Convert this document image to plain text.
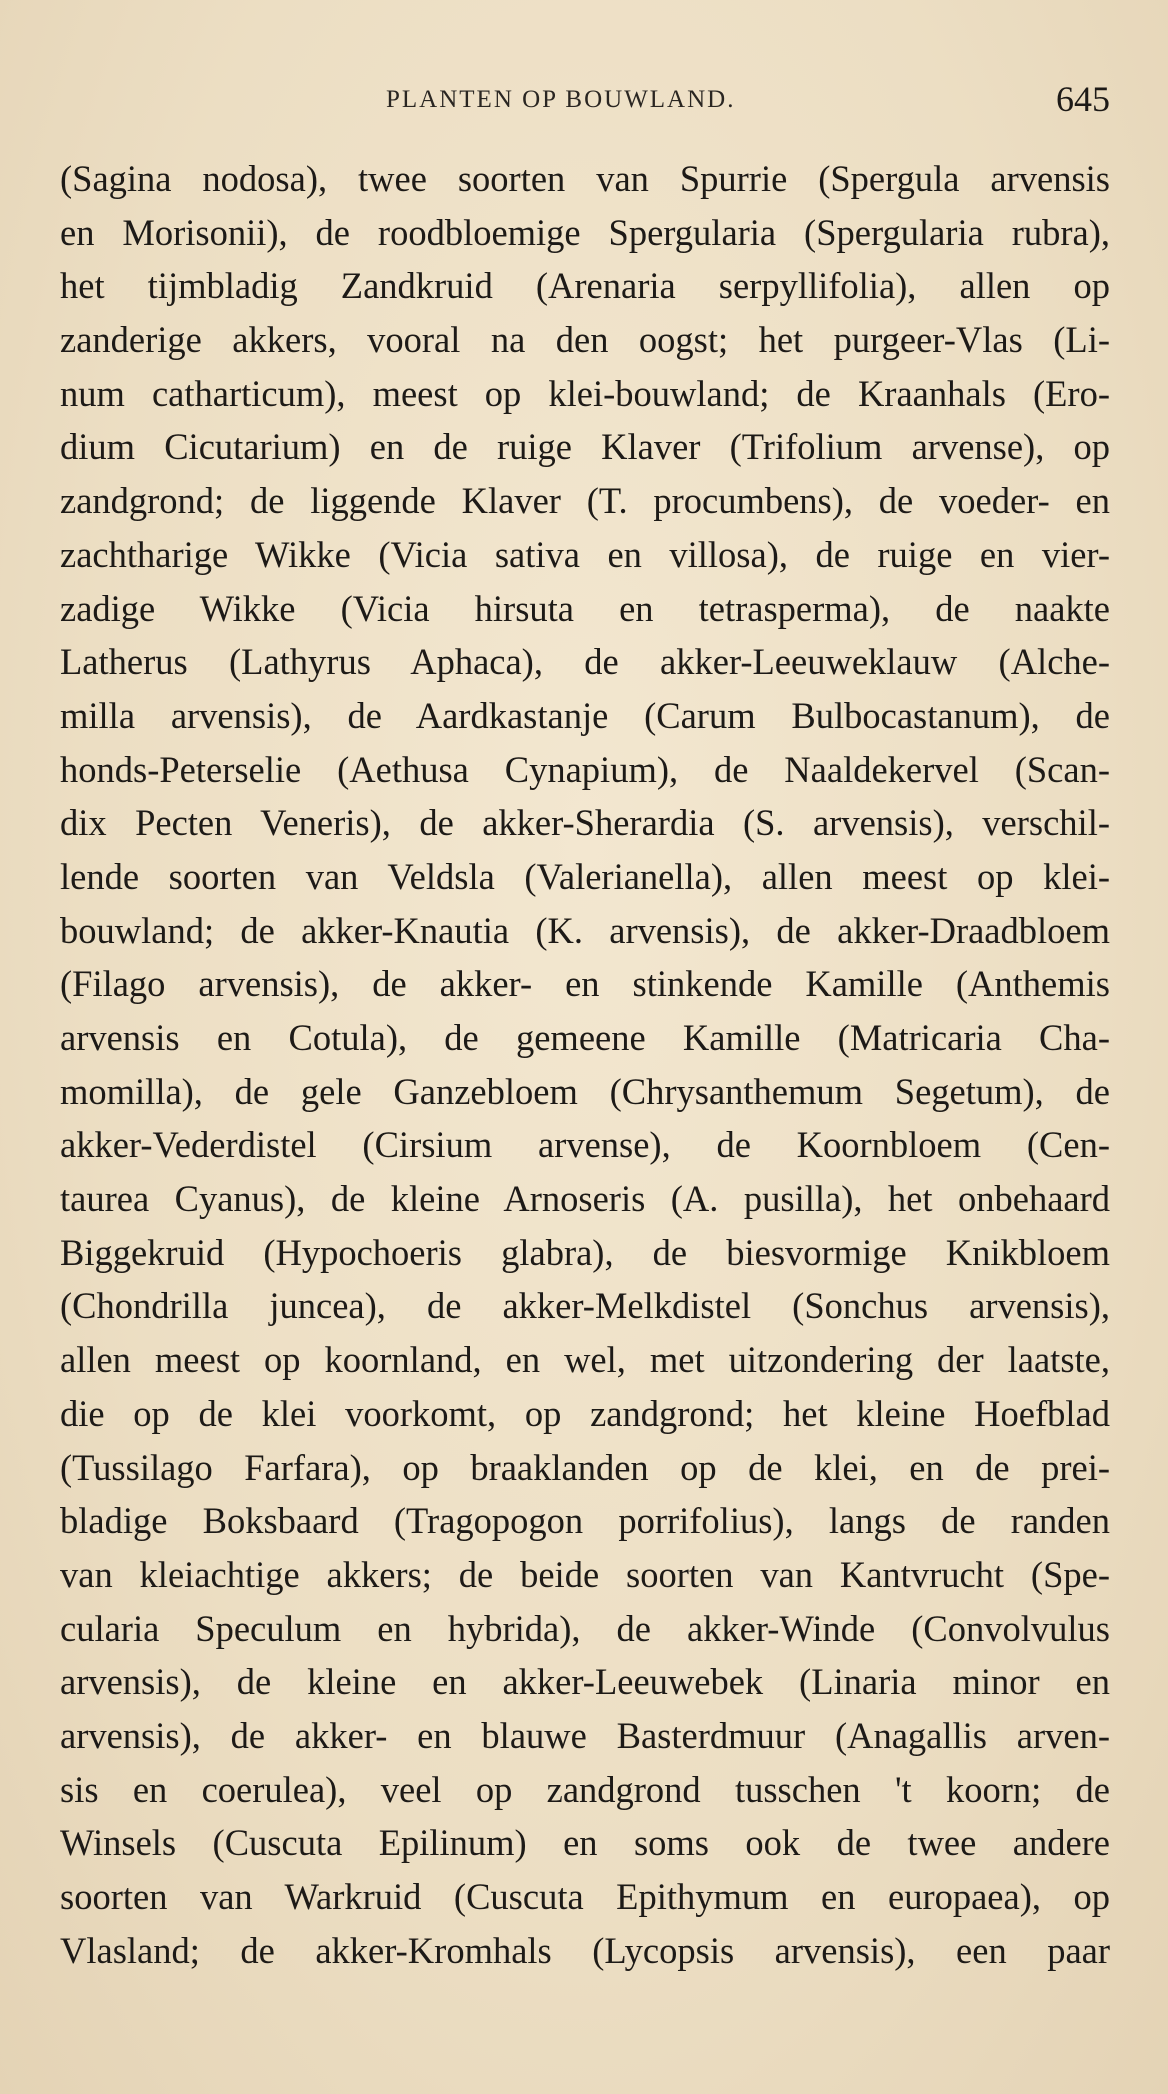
PLANTEN OP BOUWLAND.	645
(Sagina nodosa), twee soorten van Spurrie (Spergula arvensis
en Morisonii), de roodbloemige Spergularia (Spergularia rubra),
het tijmbladig Zandkruid (Arenaria serpyllifolia), allen op
zanderige akkers, vooral na den oogst; het purgeer-Vlas (Li-
num catharticum), meest op klei-bouwland; de Kraanhals (Ero-
dium Cicutarium) en de ruige Klaver (Trifolium arvense), op
zandgrond; de liggende Klaver (T. procumbens), de voeder- en
zachtharige Wikke (Vicia sativa en villosa), de ruige en vier-
zadige Wikke (Vicia hirsuta en tetrasperma), de naakte
Latherus (Lathyrus Aphaca), de akker-Leeuweklauw (Alche-
milla arvensis), de Aardkastanje (Carum Bulbocastanum), de
honds-Peterselie (Aethusa Cynapium), de Naaldekervel (Scan-
dix Pecten Veneris), de akker-Sherardia (S. arvensis), verschil-
lende soorten van Veldsla (Valerianella), allen meest op klei-
bouwland; de akker-Knautia (K. arvensis), de akker-Draadbloem
(Filago arvensis), de akker- en stinkende Kamille (Anthemis
arvensis en Cotula), de gemeene Kamille (Matricaria Cha-
momilla), de gele Ganzebloem (Chrysanthemum Segetum), de
akker-Vederdistel (Cirsium arvense), de Koornbloem (Cen-
taurea Cyanus), de kleine Arnoseris (A. pusilla), het onbehaard
Biggekruid (Hypochoeris glabra), de biesvormige Knikbloem
(Chondrilla juncea), de akker-Melkdistel (Sonchus arvensis),
allen meest op koornland, en wel, met uitzondering der laatste,
die op de klei voorkomt, op zandgrond; het kleine Hoefblad
(Tussilago Farfara), op braaklanden op de klei, en de prei-
bladige Boksbaard (Tragopogon porrifolius), langs de randen
van kleiachtige akkers; de beide soorten van Kantvrucht (Spe-
cularia Speculum en hybrida), de akker-Winde (Convolvulus
arvensis), de kleine en akker-Leeuwebek (Linaria minor en
arvensis), de akker- en blauwe Basterdmuur (Anagallis arven-
sis en coerulea), veel op zandgrond tusschen 't koorn; de
Winsels (Cuscuta Epilinum) en soms ook de twee andere
soorten van Warkruid (Cuscuta Epithymum en europaea), op
Vlasland; de akker-Kromhals (Lycopsis arvensis), een paar
